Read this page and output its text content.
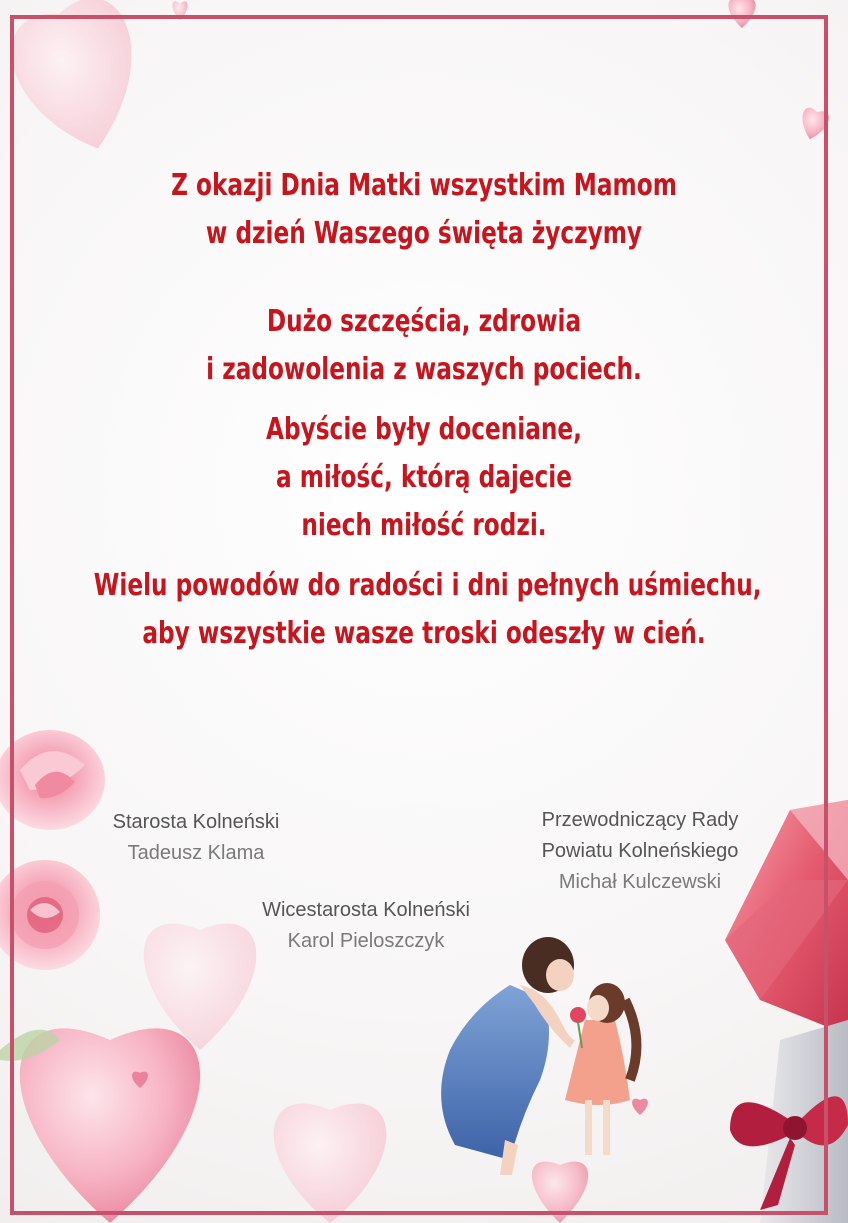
Z okazji Dnia Matki wszystkim Mamom
w dzień Waszego święta życzymy
Dużo szczęścia, zdrowia
i zadowolenia z waszych pociech.
Abyście były doceniane,
a miłość, którą dajecie
niech miłość rodzi.
Wielu powodów do radości i dni pełnych uśmiechu,
aby wszystkie wasze troski odeszły w cień.
Starosta Kolneński
Tadeusz Klama
Przewodniczący Rady
Powiatu Kolneńskiego
Michał Kulczewski
Wicestarosta Kolneński
Karol Pieloszczyk
